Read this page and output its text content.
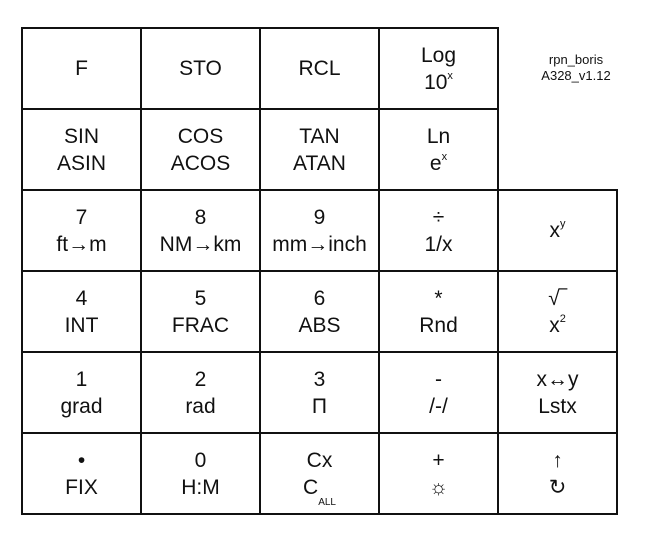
F	STO	RCL
Log
10$^x$
rpn_boris
A328_v1.12
SIN
ASIN
COS
ACOS
TAN
ATAN
Ln
$e^x$
7
ft→m
8
NM→km
9
mm→inch
÷
1/x
$x^y$
4
INT
5
FRAC
6
ABS
*
Rnd
√‾
$x^2$
1
grad
2
rad
3
Π
-
/-/
x↔y
Lstx
•
FIX
0
H:M
Cx
$C_{ALL}$
+
☼
↑
↻
